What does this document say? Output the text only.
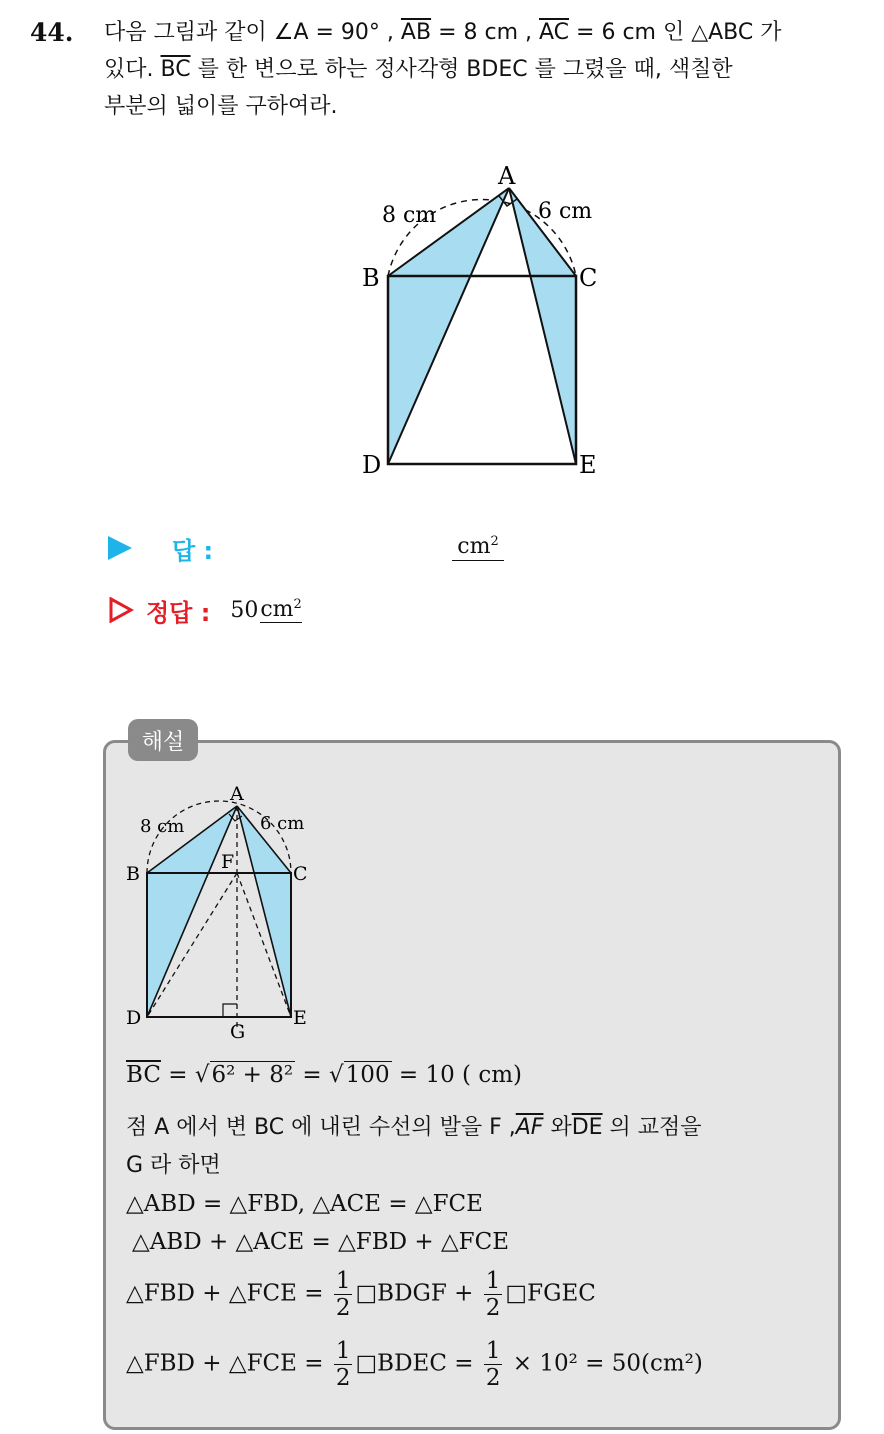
44. 다음 그림과 같이 ∠A = 90° , $\overline{AB} = 8$ cm , $\overline{AC} = 6$ cm 인 △ABC 가
있다. $\overline{BC}$ 를 한 변으로 하는 정사각형 BDEC 를 그렸을 때, 색칠한
부분의 넓이를 구하여라.
A
B	C
D	E
8 cm	6 cm
답 :	$cm^2$
정답 : 50 $cm^2$
해설
A
B	C
D	E
F
G
8 cm	6 cm
$\overline{BC} = √6^2 + 8^2 = √100 = 10$ ( cm)
점 A 에서 변 BC 에 내린 수선의 발을 F $,\overline{AF}$ 와$\overline{DE}$ 의 교점을
G 라 하면
△ABD = △FBD, △ACE = △FCE
△ABD + △ACE = △FBD + △FCE
△FBD + △FCE = $\frac{1}{2}$ □BDGF + $\frac{1}{2}$ □FGEC
△FBD + △FCE = $\frac{1}{2}$ □BDEC = $\frac{1}{2} \times 10^2 = 50(cm^2)$
